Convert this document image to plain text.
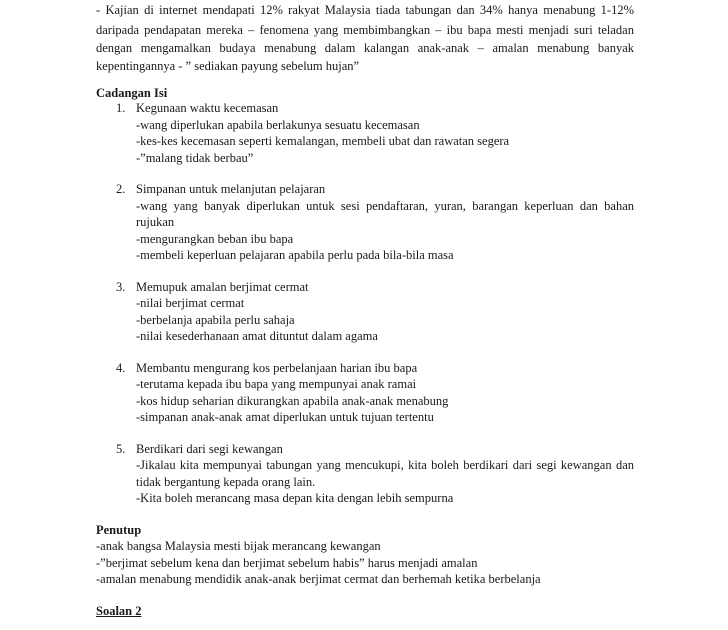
- Kajian di internet mendapati 12% rakyat Malaysia tiada tabungan dan 34% hanya menabung 1-12%
daripada pendapatan mereka – fenomena yang membimbangkan – ibu bapa mesti menjadi suri teladan
dengan mengamalkan budaya menabung dalam kalangan anak-anak – amalan menabung banyak
kepentingannya - ” sediakan payung sebelum hujan”
Cadangan Isi
1. Kegunaan waktu kecemasan
-wang diperlukan apabila berlakunya sesuatu kecemasan
-kes-kes kecemasan seperti kemalangan, membeli ubat dan rawatan segera
-”malang tidak berbau”
2. Simpanan untuk melanjutan pelajaran
-wang yang banyak diperlukan untuk sesi pendaftaran, yuran, barangan keperluan dan bahan
rujukan
-mengurangkan beban ibu bapa
-membeli keperluan pelajaran apabila perlu pada bila-bila masa
3. Memupuk amalan berjimat cermat
-nilai berjimat cermat
-berbelanja apabila perlu sahaja
-nilai kesederhanaan amat dituntut dalam agama
4. Membantu mengurang kos perbelanjaan harian ibu bapa
-terutama kepada ibu bapa yang mempunyai anak ramai
-kos hidup seharian dikurangkan apabila anak-anak menabung
-simpanan anak-anak amat diperlukan untuk tujuan tertentu
5. Berdikari dari segi kewangan
-Jikalau kita mempunyai tabungan yang mencukupi, kita boleh berdikari dari segi kewangan dan
tidak bergantung kepada orang lain.
-Kita boleh merancang masa depan kita dengan lebih sempurna
Penutup
-anak bangsa Malaysia mesti bijak merancang kewangan
-”berjimat sebelum kena dan berjimat sebelum habis” harus menjadi amalan
-amalan menabung mendidik anak-anak berjimat cermat dan berhemah ketika berbelanja
Soalan 2
